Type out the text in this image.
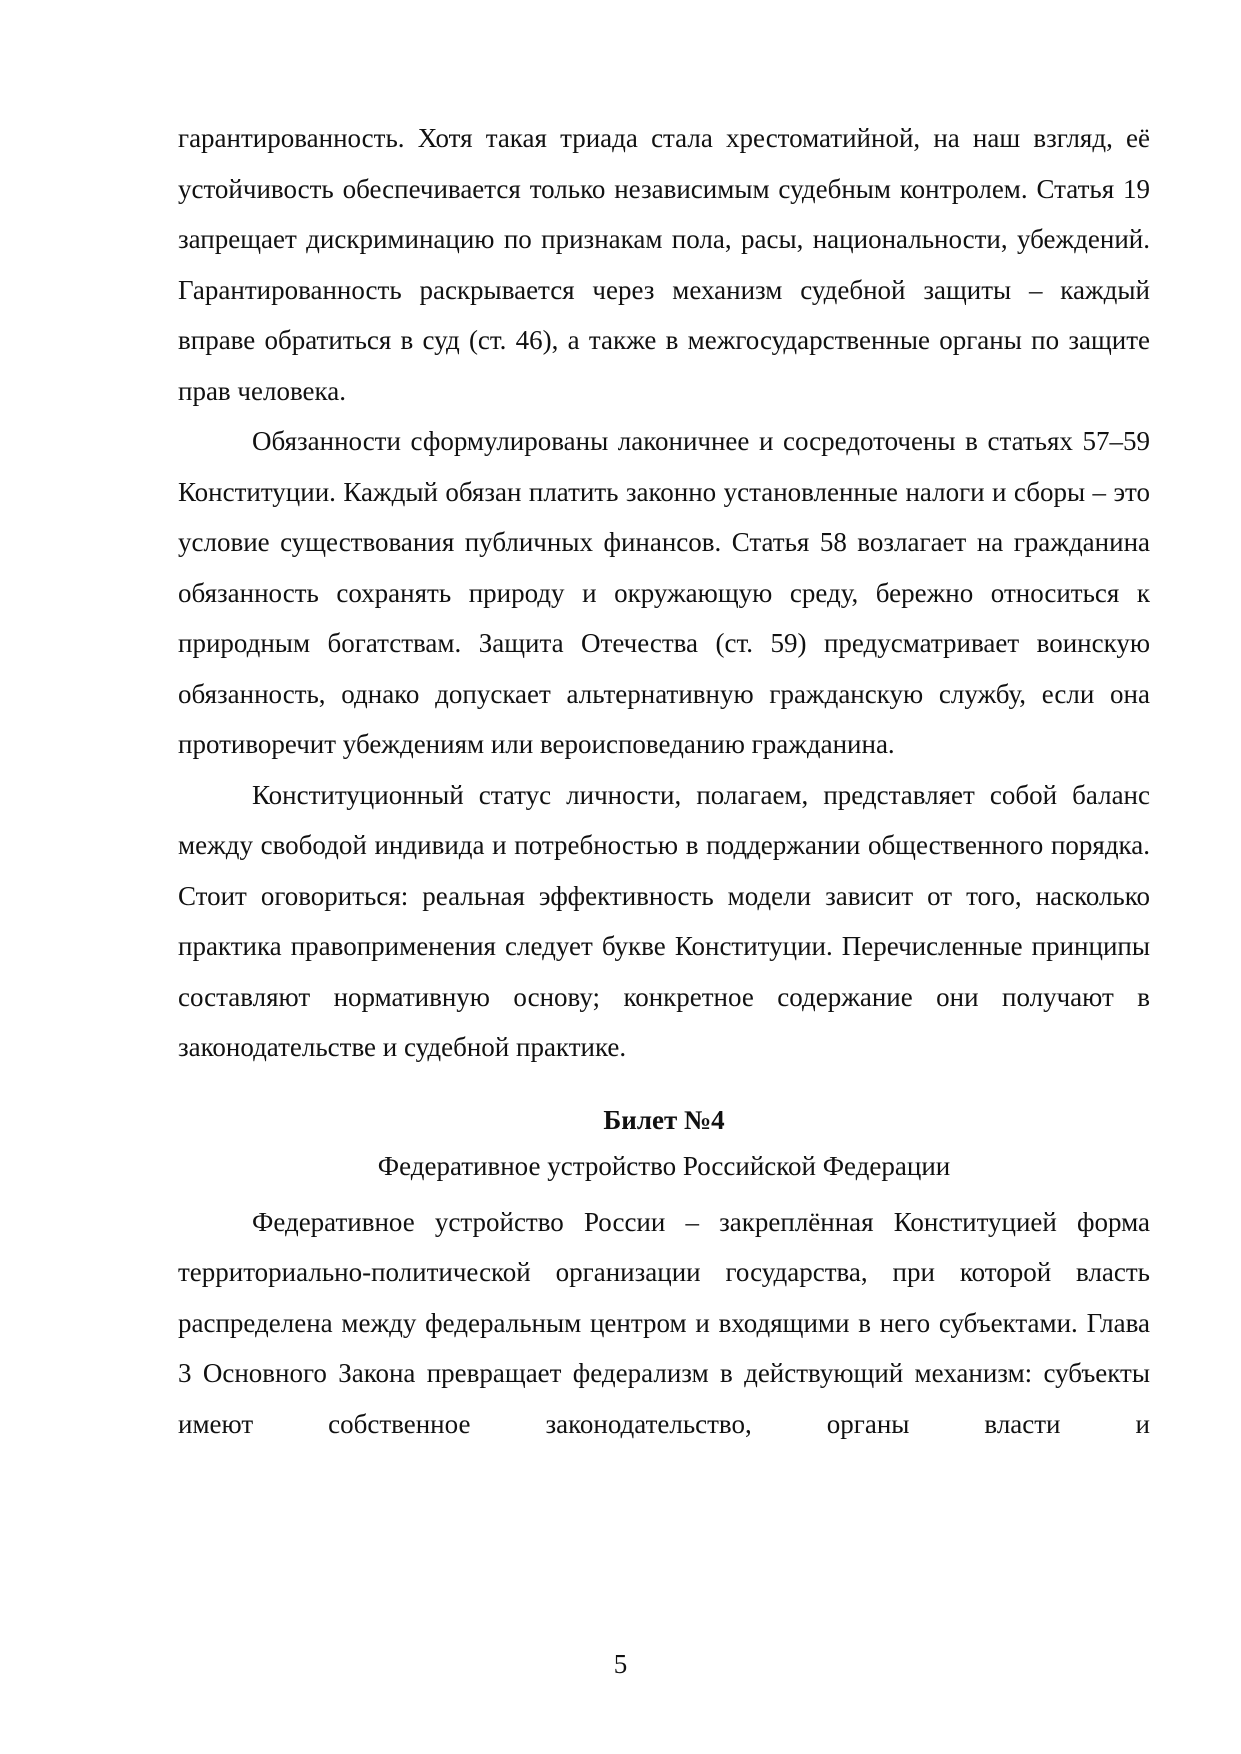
гарантированность. Хотя такая триада стала хрестоматийной, на наш взгляд, её устойчивость обеспечивается только независимым судебным контролем. Статья 19 запрещает дискриминацию по признакам пола, расы, национальности, убеждений. Гарантированность раскрывается через механизм судебной защиты – каждый вправе обратиться в суд (ст. 46), а также в межгосударственные органы по защите прав человека.

Обязанности сформулированы лаконичнее и сосредоточены в статьях 57–59 Конституции. Каждый обязан платить законно установленные налоги и сборы – это условие существования публичных финансов. Статья 58 возлагает на гражданина обязанность сохранять природу и окружающую среду, бережно относиться к природным богатствам. Защита Отечества (ст. 59) предусматривает воинскую обязанность, однако допускает альтернативную гражданскую службу, если она противоречит убеждениям или вероисповеданию гражданина.

Конституционный статус личности, полагаем, представляет собой баланс между свободой индивида и потребностью в поддержании общественного порядка. Стоит оговориться: реальная эффективность модели зависит от того, насколько практика правоприменения следует букве Конституции. Перечисленные принципы составляют нормативную основу; конкретное содержание они получают в законодательстве и судебной практике.

Билет №4

Федеративное устройство Российской Федерации

Федеративное устройство России – закреплённая Конституцией форма территориально-политической организации государства, при которой власть распределена между федеральным центром и входящими в него субъектами. Глава 3 Основного Закона превращает федерализм в действующий механизм: субъекты имеют собственное законодательство, органы власти и

5
